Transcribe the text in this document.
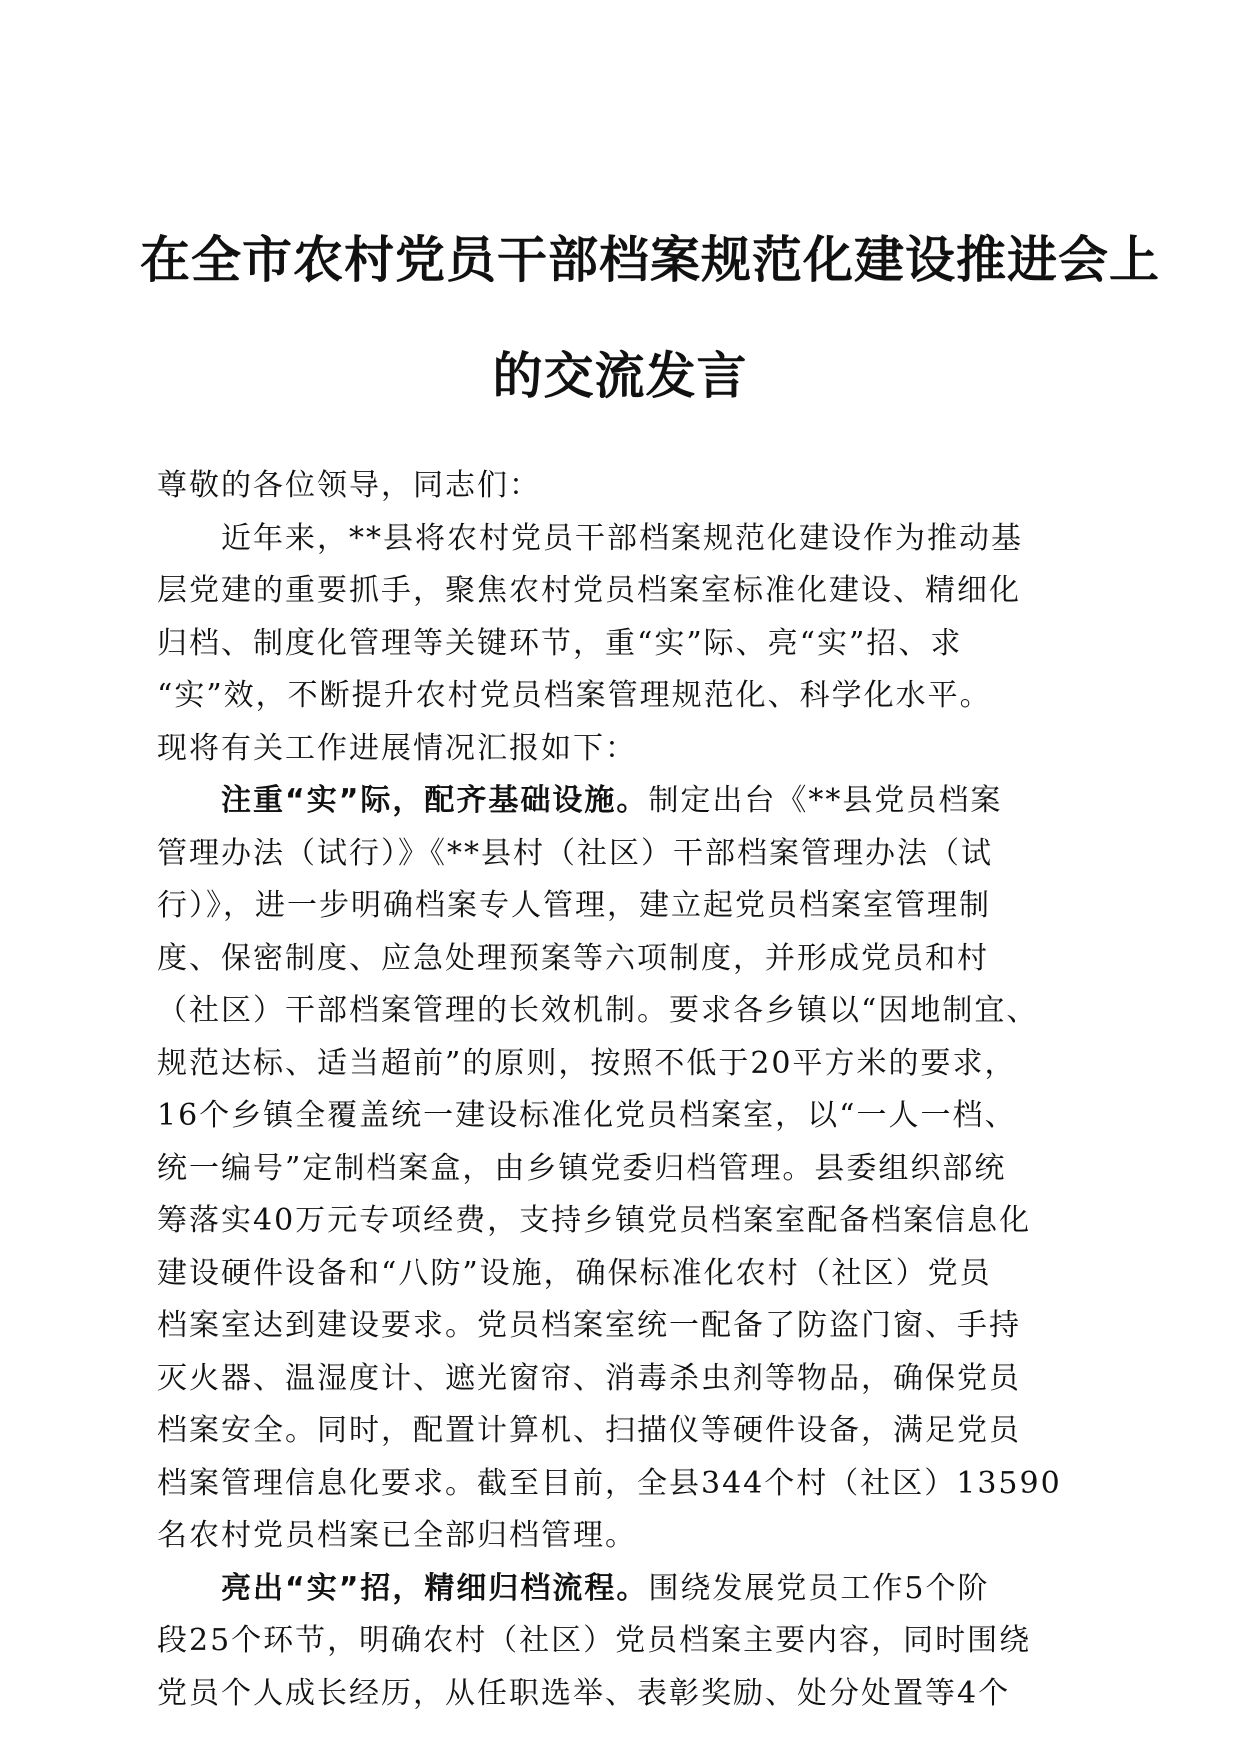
在全市农村党员干部档案规范化建设推进会上
的交流发言
尊敬的各位领导，同志们：
近年来，**县将农村党员干部档案规范化建设作为推动基
层党建的重要抓手，聚焦农村党员档案室标准化建设、精细化
归档、制度化管理等关键环节，重“实”际、亮“实”招、求
“实”效，不断提升农村党员档案管理规范化、科学化水平。
现将有关工作进展情况汇报如下：
注重“实”际，配齐基础设施。制定出台《**县党员档案
管理办法（试行）》《**县村（社区）干部档案管理办法（试
行）》，进一步明确档案专人管理，建立起党员档案室管理制
度、保密制度、应急处理预案等六项制度，并形成党员和村
（社区）干部档案管理的长效机制。要求各乡镇以“因地制宜、
规范达标、适当超前”的原则，按照不低于20平方米的要求，
16个乡镇全覆盖统一建设标准化党员档案室，以“一人一档、
统一编号”定制档案盒，由乡镇党委归档管理。县委组织部统
筹落实40万元专项经费，支持乡镇党员档案室配备档案信息化
建设硬件设备和“八防”设施，确保标准化农村（社区）党员
档案室达到建设要求。党员档案室统一配备了防盗门窗、手持
灭火器、温湿度计、遮光窗帘、消毒杀虫剂等物品，确保党员
档案安全。同时，配置计算机、扫描仪等硬件设备，满足党员
档案管理信息化要求。截至目前，全县344个村（社区）13590
名农村党员档案已全部归档管理。
亮出“实”招，精细归档流程。围绕发展党员工作5个阶
段25个环节，明确农村（社区）党员档案主要内容，同时围绕
党员个人成长经历，从任职选举、表彰奖励、处分处置等4个
